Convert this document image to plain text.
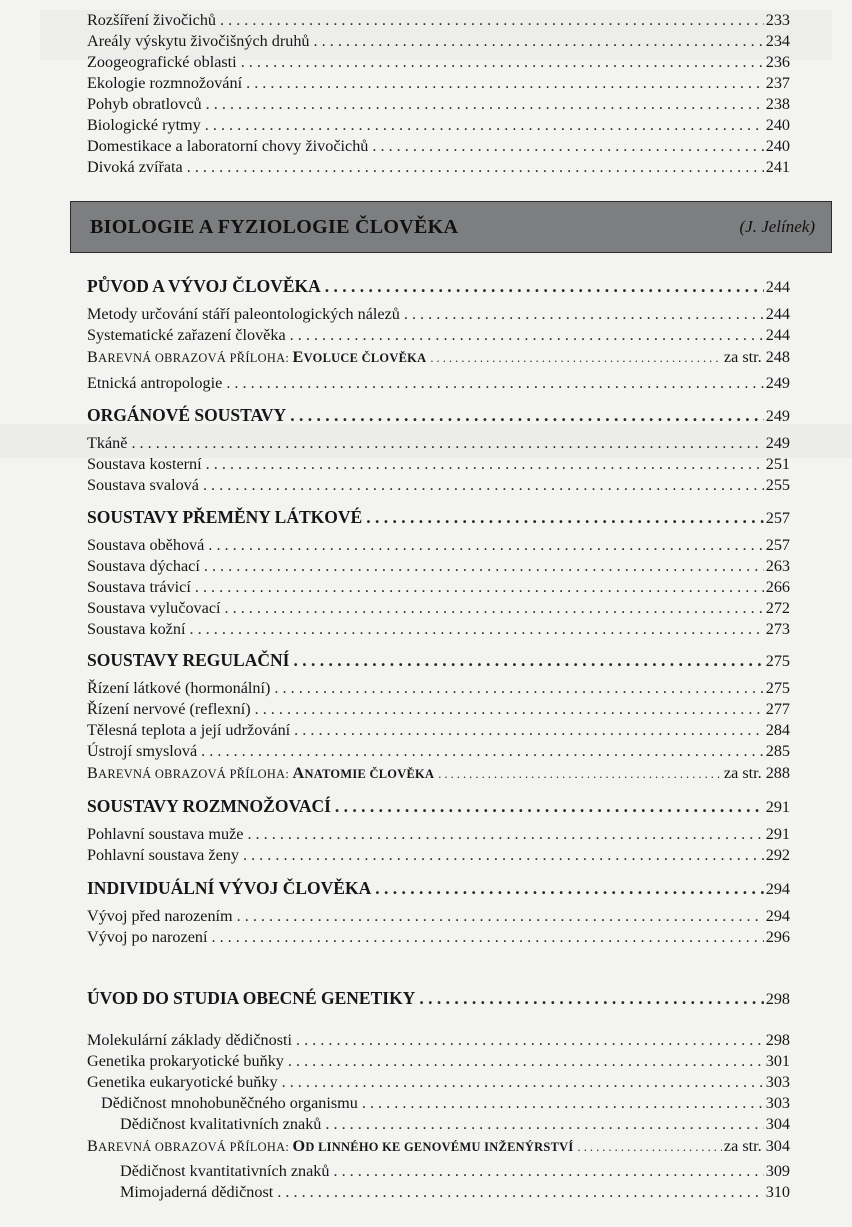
Rozšíření živočichů . . .	233
Areály výskytu živočišných druhů . . .	234
Zoogeografické oblasti . . .	236
Ekologie rozmnožování . . .	237
Pohyb obratlovců . . .	238
Biologické rytmy . . .	240
Domestikace a laboratorní chovy živočichů . . .	240
Divoká zvířata . . .	241
PŮVOD A VÝVOJ ČLOVĚKA . . .	244
Metody určování stáří paleontologických nálezů . . .	244
Systematické zařazení člověka . . .	244
BAREVNÁ OBRAZOVÁ PŘÍLOHA: EVOLUCE ČLOVĚKA . . .	za str. 248
Etnická antropologie . . .	249
ORGÁNOVÉ SOUSTAVY . . .	249
Tkáně . . .	249
Soustava kosterní . . .	251
Soustava svalová . . .	255
SOUSTAVY PŘEMĚNY LÁTKOVÉ . . .	257
Soustava oběhová . . .	257
Soustava dýchací . . .	263
Soustava trávicí . . .	266
Soustava vylučovací . . .	272
Soustava kožní . . .	273
SOUSTAVY REGULAČNÍ . . .	275
Řízení látkové (hormonální) . . .	275
Řízení nervové (reflexní) . . .	277
Tělesná teplota a její udržování . . .	284
Ústrojí smyslová . . .	285
BAREVNÁ OBRAZOVÁ PŘÍLOHA: ANATOMIE ČLOVĚKA . . .	za str. 288
SOUSTAVY ROZMNOŽOVACÍ . . .	291
Pohlavní soustava muže . . .	291
Pohlavní soustava ženy . . .	292
INDIVIDUÁLNÍ VÝVOJ ČLOVĚKA . . .	294
Vývoj před narozením . . .	294
Vývoj po narození . . .	296
ÚVOD DO STUDIA OBECNÉ GENETIKY . . .	298
Molekulární základy dědičnosti . . .	298
Genetika prokaryotické buňky . . .	301
Genetika eukaryotické buňky . . .	303
Dědičnost mnohobuněčného organismu . . .	303
Dědičnost kvalitativních znaků . . .	304
BAREVNÁ OBRAZOVÁ PŘÍLOHA: OD LINNÉHO KE GENOVÉMU INŽENÝRSTVÍ . . .	za str. 304
Dědičnost kvantitativních znaků . . .	309
Mimojaderná dědičnost . . .	310
BIOLOGIE A FYZIOLOGIE ČLOVĚKA	(J. Jelínek)
